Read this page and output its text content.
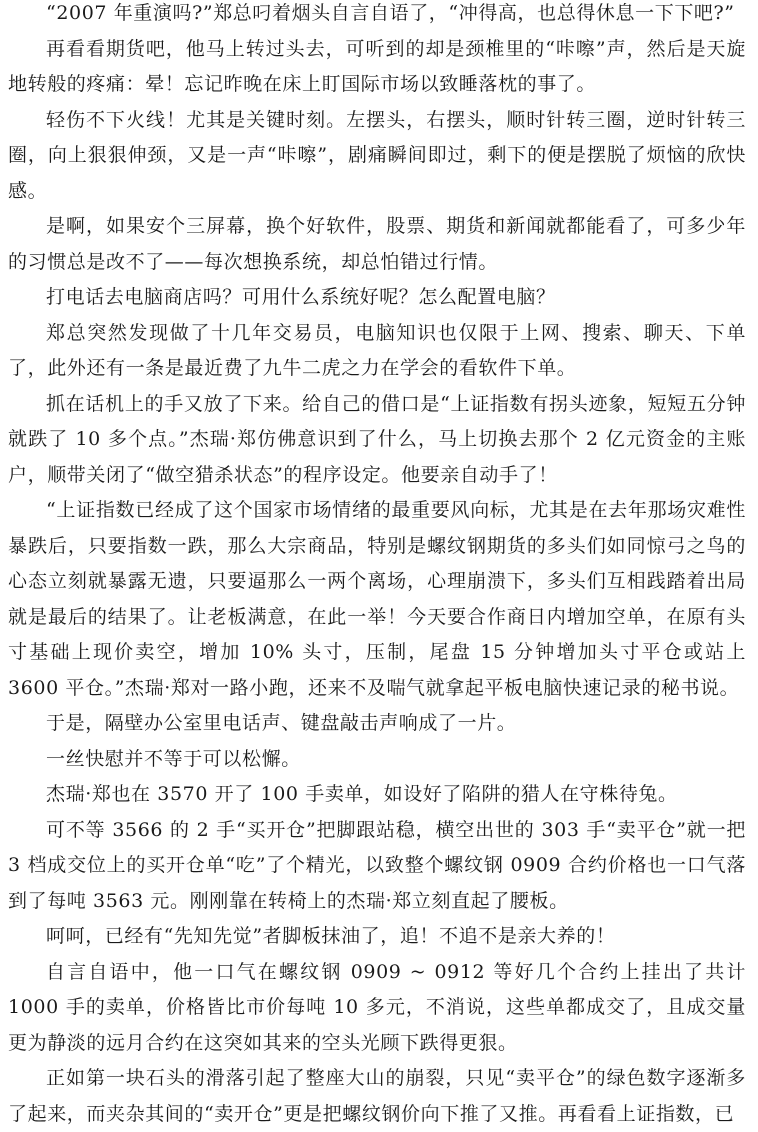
“2007 年重演吗?”郑总叼着烟头自言自语了，“冲得高，也总得休息一下下吧?”

再看看期货吧，他马上转过头去，可听到的却是颈椎里的“咔嚓”声，然后是天旋地转般的疼痛：晕！忘记昨晚在床上盯国际市场以致睡落枕的事了。

轻伤不下火线！尤其是关键时刻。左摆头，右摆头，顺时针转三圈，逆时针转三圈，向上狠狠伸颈，又是一声“咔嚓”，剧痛瞬间即过，剩下的便是摆脱了烦恼的欣快感。

是啊，如果安个三屏幕，换个好软件，股票、期货和新闻就都能看了，可多少年的习惯总是改不了——每次想换系统，却总怕错过行情。

打电话去电脑商店吗？可用什么系统好呢？怎么配置电脑？

郑总突然发现做了十几年交易员，电脑知识也仅限于上网、搜索、聊天、下单了，此外还有一条是最近费了九牛二虎之力在学会的看软件下单。

抓在话机上的手又放了下来。给自己的借口是“上证指数有拐头迹象，短短五分钟就跌了 10 多个点。”杰瑞·郑仿佛意识到了什么，马上切换去那个 2 亿元资金的主账户，顺带关闭了“做空猎杀状态”的程序设定。他要亲自动手了！

“上证指数已经成了这个国家市场情绪的最重要风向标，尤其是在去年那场灾难性暴跌后，只要指数一跌，那么大宗商品，特别是螺纹钢期货的多头们如同惊弓之鸟的心态立刻就暴露无遗，只要逼那么一两个离场，心理崩溃下，多头们互相践踏着出局就是最后的结果了。让老板满意，在此一举！今天要合作商日内增加空单，在原有头寸基础上现价卖空，增加 10% 头寸，压制，尾盘 15 分钟增加头寸平仓或站上 3600 平仓。”杰瑞·郑对一路小跑，还来不及喘气就拿起平板电脑快速记录的秘书说。

于是，隔壁办公室里电话声、键盘敲击声响成了一片。

一丝快慰并不等于可以松懈。

杰瑞·郑也在 3570 开了 100 手卖单，如设好了陷阱的猎人在守株待兔。

可不等 3566 的 2 手“买开仓”把脚跟站稳，横空出世的 303 手“卖平仓”就一把 3 档成交位上的买开仓单“吃”了个精光，以致整个螺纹钢 0909 合约价格也一口气落到了每吨 3563 元。刚刚靠在转椅上的杰瑞·郑立刻直起了腰板。

呵呵，已经有“先知先觉”者脚板抹油了，追！不追不是亲大养的！

自言自语中，他一口气在螺纹钢 0909 ~ 0912 等好几个合约上挂出了共计 1000 手的卖单，价格皆比市价每吨 10 多元，不消说，这些单都成交了，且成交量更为静淡的远月合约在这突如其来的空头光顾下跌得更狠。

正如第一块石头的滑落引起了整座大山的崩裂，只见“卖平仓”的绿色数字逐渐多了起来，而夹杂其间的“卖开仓”更是把螺纹钢价向下推了又推。再看看上证指数，已
